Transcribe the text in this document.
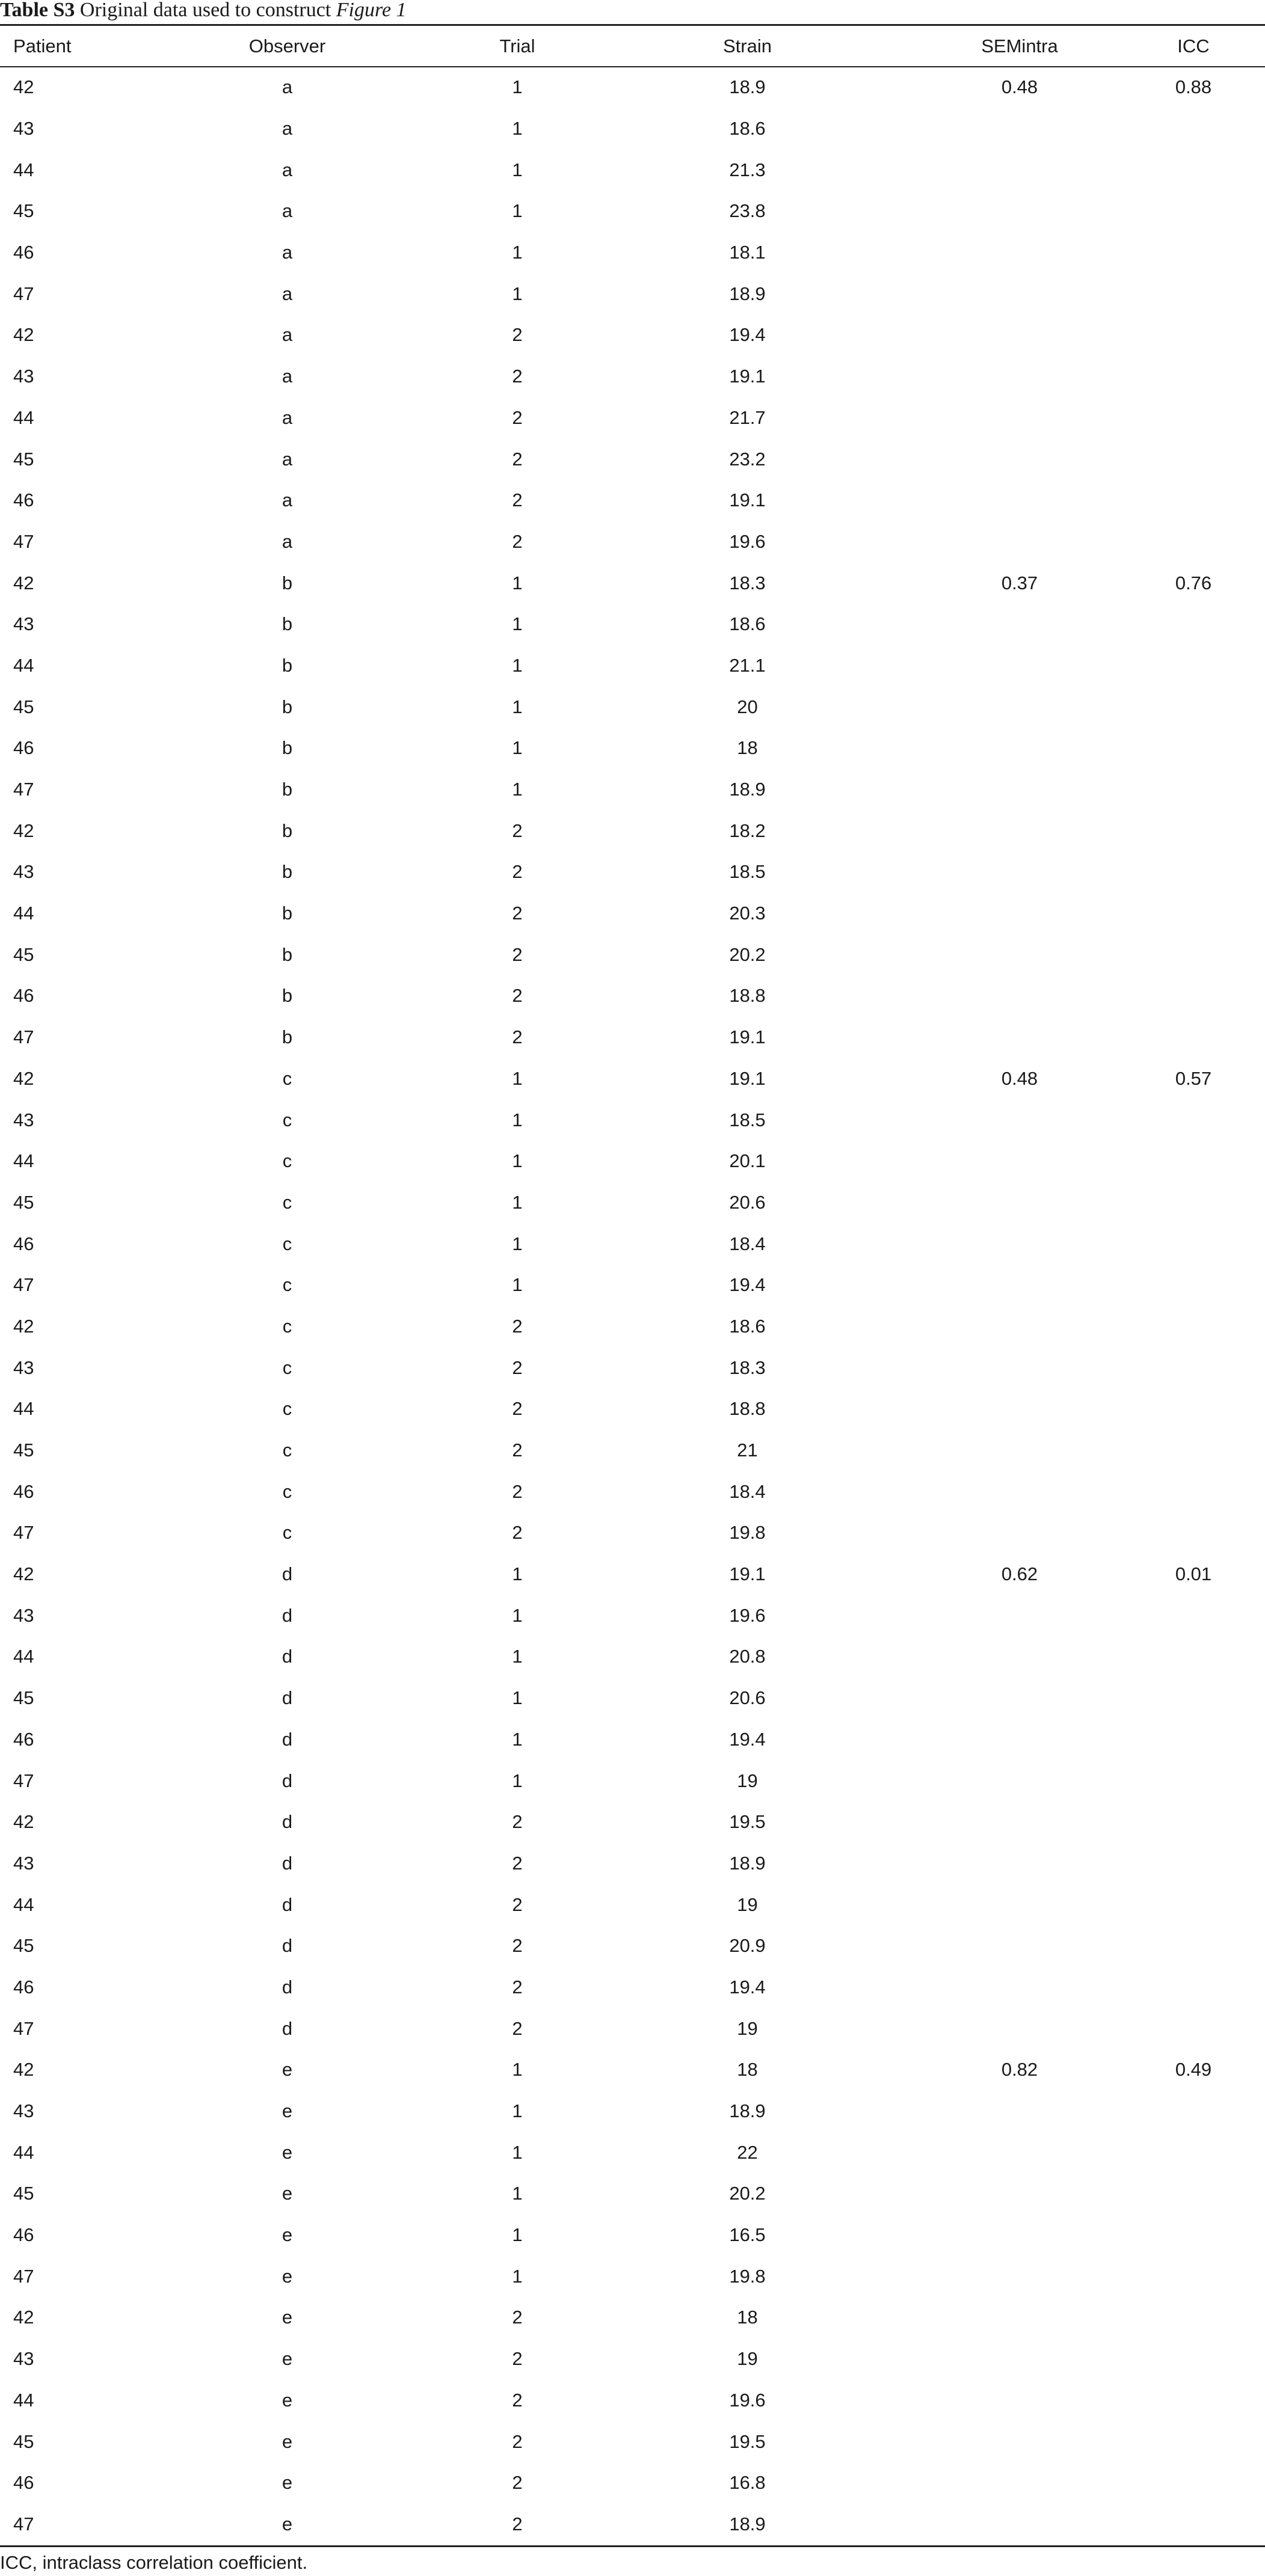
Table S3 Original data used to construct Figure 1
Patient	Observer	Trial	Strain	SEMintra	ICC
42	a	1	18.9	0.48	0.88
43	a	1	18.6		
44	a	1	21.3		
45	a	1	23.8		
46	a	1	18.1		
47	a	1	18.9		
42	a	2	19.4		
43	a	2	19.1		
44	a	2	21.7		
45	a	2	23.2		
46	a	2	19.1		
47	a	2	19.6		
42	b	1	18.3	0.37	0.76
43	b	1	18.6		
44	b	1	21.1		
45	b	1	20		
46	b	1	18		
47	b	1	18.9		
42	b	2	18.2		
43	b	2	18.5		
44	b	2	20.3		
45	b	2	20.2		
46	b	2	18.8		
47	b	2	19.1		
42	c	1	19.1	0.48	0.57
43	c	1	18.5		
44	c	1	20.1		
45	c	1	20.6		
46	c	1	18.4		
47	c	1	19.4		
42	c	2	18.6		
43	c	2	18.3		
44	c	2	18.8		
45	c	2	21		
46	c	2	18.4		
47	c	2	19.8		
42	d	1	19.1	0.62	0.01
43	d	1	19.6		
44	d	1	20.8		
45	d	1	20.6		
46	d	1	19.4		
47	d	1	19		
42	d	2	19.5		
43	d	2	18.9		
44	d	2	19		
45	d	2	20.9		
46	d	2	19.4		
47	d	2	19		
42	e	1	18	0.82	0.49
43	e	1	18.9		
44	e	1	22		
45	e	1	20.2		
46	e	1	16.5		
47	e	1	19.8		
42	e	2	18		
43	e	2	19		
44	e	2	19.6		
45	e	2	19.5		
46	e	2	16.8		
47	e	2	18.9		
ICC, intraclass correlation coefficient.
